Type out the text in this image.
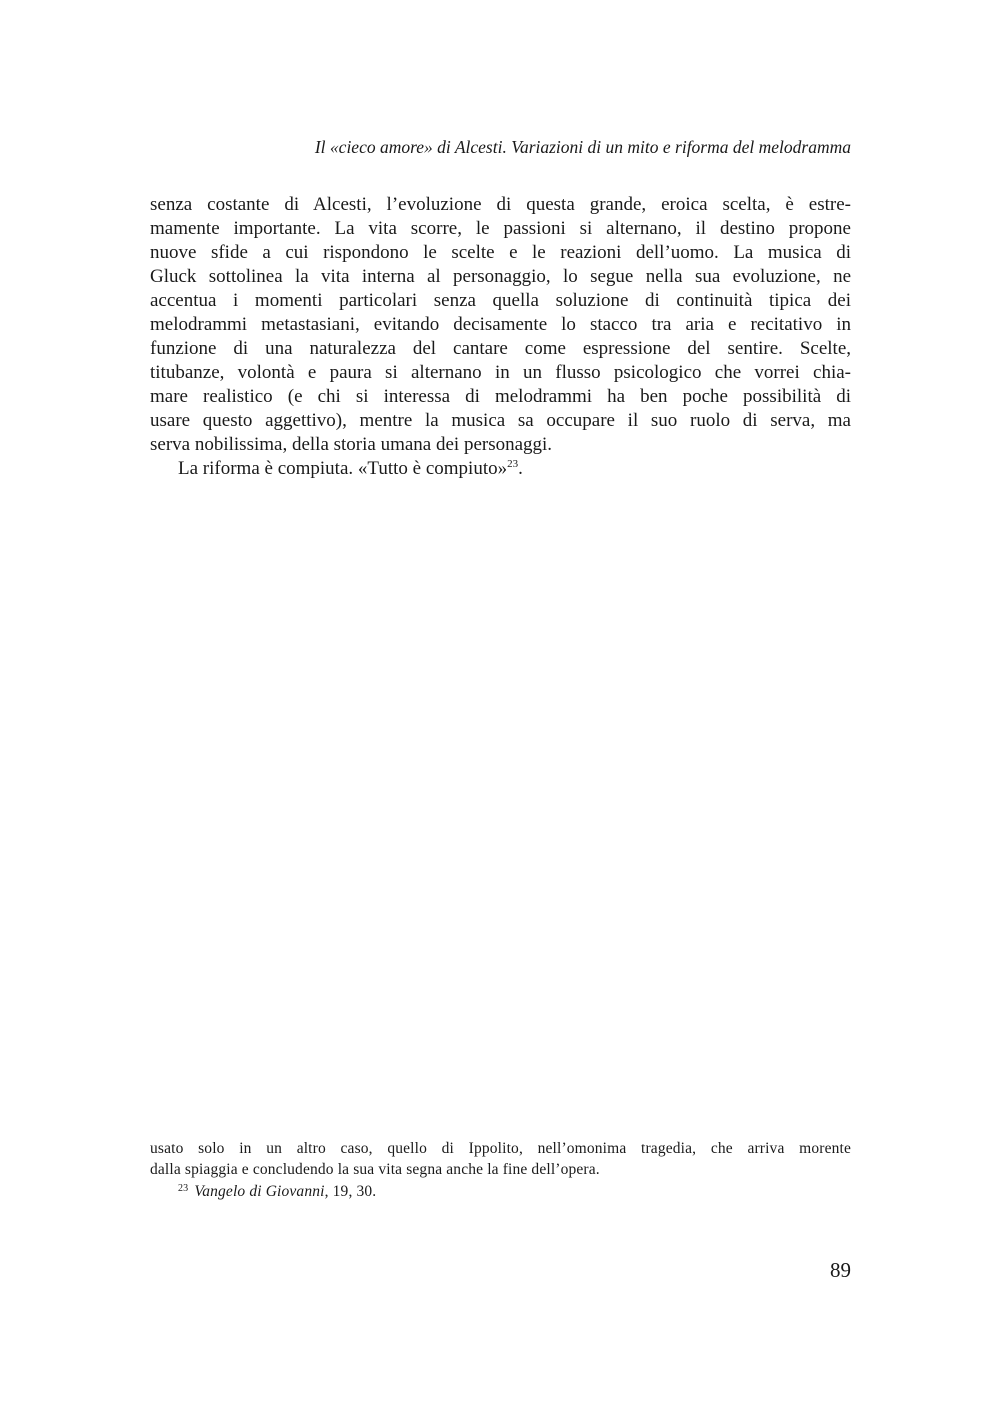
Il «cieco amore» di Alcesti. Variazioni di un mito e riforma del melodramma
senza costante di Alcesti, l’evoluzione di questa grande, eroica scelta, è estre-
mamente importante. La vita scorre, le passioni si alternano, il destino propone
nuove sfide a cui rispondono le scelte e le reazioni dell’uomo. La musica di
Gluck sottolinea la vita interna al personaggio, lo segue nella sua evoluzione, ne
accentua i momenti particolari senza quella soluzione di continuità tipica dei
melodrammi metastasiani, evitando decisamente lo stacco tra aria e recitativo in
funzione di una naturalezza del cantare come espressione del sentire. Scelte,
titubanze, volontà e paura si alternano in un flusso psicologico che vorrei chia-
mare realistico (e chi si interessa di melodrammi ha ben poche possibilità di
usare questo aggettivo), mentre la musica sa occupare il suo ruolo di serva, ma
serva nobilissima, della storia umana dei personaggi.
La riforma è compiuta. «Tutto è compiuto»$^{23}$.
usato solo in un altro caso, quello di Ippolito, nell’omonima tragedia, che arriva morente
dalla spiaggia e concludendo la sua vita segna anche la fine dell’opera.
$^{23}$ Vangelo di Giovanni, 19, 30.
89
